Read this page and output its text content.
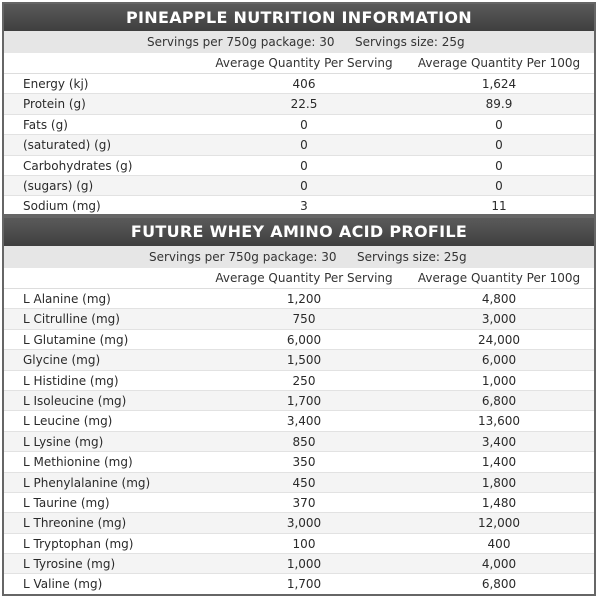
PINEAPPLE NUTRITION INFORMATION
Servings per 750g package: 30 Servings size: 25g
Average Quantity Per Serving	Average Quantity Per 100g
Energy (kj)	406	1,624
Protein (g)	22.5	89.9
Fats (g)	0	0
(saturated) (g)	0	0
Carbohydrates (g)	0	0
(sugars) (g)	0	0
Sodium (mg)	3	11
FUTURE WHEY AMINO ACID PROFILE
Servings per 750g package: 30 Servings size: 25g
Average Quantity Per Serving	Average Quantity Per 100g
L Alanine (mg)	1,200	4,800
L Citrulline (mg)	750	3,000
L Glutamine (mg)	6,000	24,000
Glycine (mg)	1,500	6,000
L Histidine (mg)	250	1,000
L Isoleucine (mg)	1,700	6,800
L Leucine (mg)	3,400	13,600
L Lysine (mg)	850	3,400
L Methionine (mg)	350	1,400
L Phenylalanine (mg)	450	1,800
L Taurine (mg)	370	1,480
L Threonine (mg)	3,000	12,000
L Tryptophan (mg)	100	400
L Tyrosine (mg)	1,000	4,000
L Valine (mg)	1,700	6,800
